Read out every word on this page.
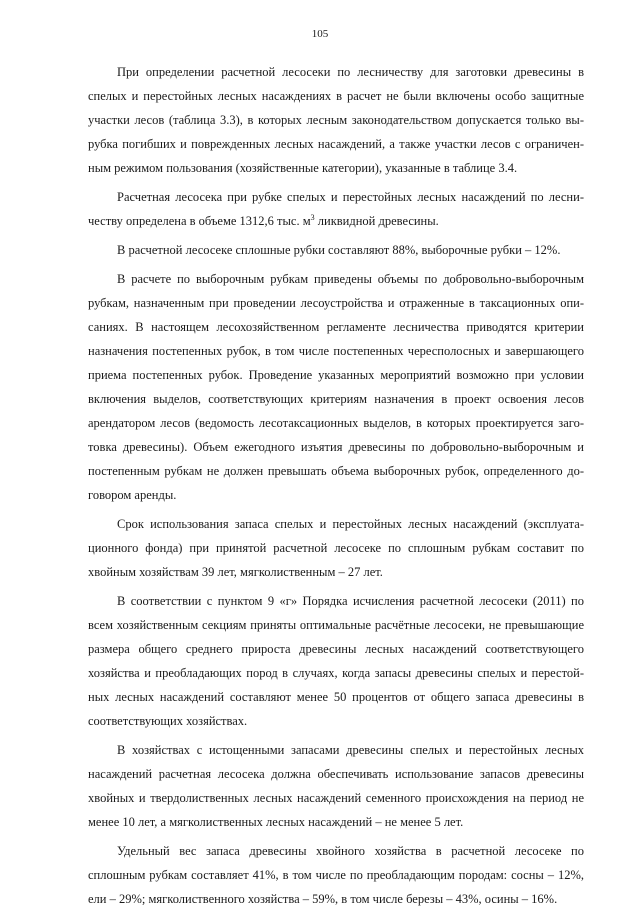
105

При определении расчетной лесосеки по лесничеству для заготовки древесины в спелых и перестойных лесных насаждениях в расчет не были включены особо защитные участки лесов (таблица 3.3), в которых лесным законодательством допускается только вырубка погибших и поврежденных лесных насаждений, а также участки лесов с ограниченным режимом пользования (хозяйственные категории), указанные в таблице 3.4.

Расчетная лесосека при рубке спелых и перестойных лесных насаждений по лесничеству определена в объеме 1312,6 тыс. $м^3$ ликвидной древесины.

В расчетной лесосеке сплошные рубки составляют 88%, выборочные рубки – 12%.

В расчете по выборочным рубкам приведены объемы по добровольно-выборочным рубкам, назначенным при проведении лесоустройства и отраженные в таксационных описаниях. В настоящем лесохозяйственном регламенте лесничества приводятся критерии назначения постепенных рубок, в том числе постепенных чересполосных и завершающего приема постепенных рубок. Проведение указанных мероприятий возможно при условии включения выделов, соответствующих критериям назначения в проект освоения лесов арендатором лесов (ведомость лесотаксационных выделов, в которых проектируется заготовка древесины). Объем ежегодного изъятия древесины по добровольно-выборочным и постепенным рубкам не должен превышать объема выборочных рубок, определенного договором аренды.

Срок использования запаса спелых и перестойных лесных насаждений (эксплуатационного фонда) при принятой расчетной лесосеке по сплошным рубкам составит по хвойным хозяйствам 39 лет, мягколиственным – 27 лет.

В соответствии с пунктом 9 «г» Порядка исчисления расчетной лесосеки (2011) по всем хозяйственным секциям приняты оптимальные расчётные лесосеки, не превышающие размера общего среднего прироста древесины лесных насаждений соответствующего хозяйства и преобладающих пород в случаях, когда запасы древесины спелых и перестойных лесных насаждений составляют менее 50 процентов от общего запаса древесины в соответствующих хозяйствах.

В хозяйствах с истощенными запасами древесины спелых и перестойных лесных насаждений расчетная лесосека должна обеспечивать использование запасов древесины хвойных и твердолиственных лесных насаждений семенного происхождения на период не менее 10 лет, а мягколиственных лесных насаждений – не менее 5 лет.

Удельный вес запаса древесины хвойного хозяйства в расчетной лесосеке по сплошным рубкам составляет 41%, в том числе по преобладающим породам: сосны – 12%, ели – 29%; мягколиственного хозяйства – 59%, в том числе березы – 43%, осины – 16%.
